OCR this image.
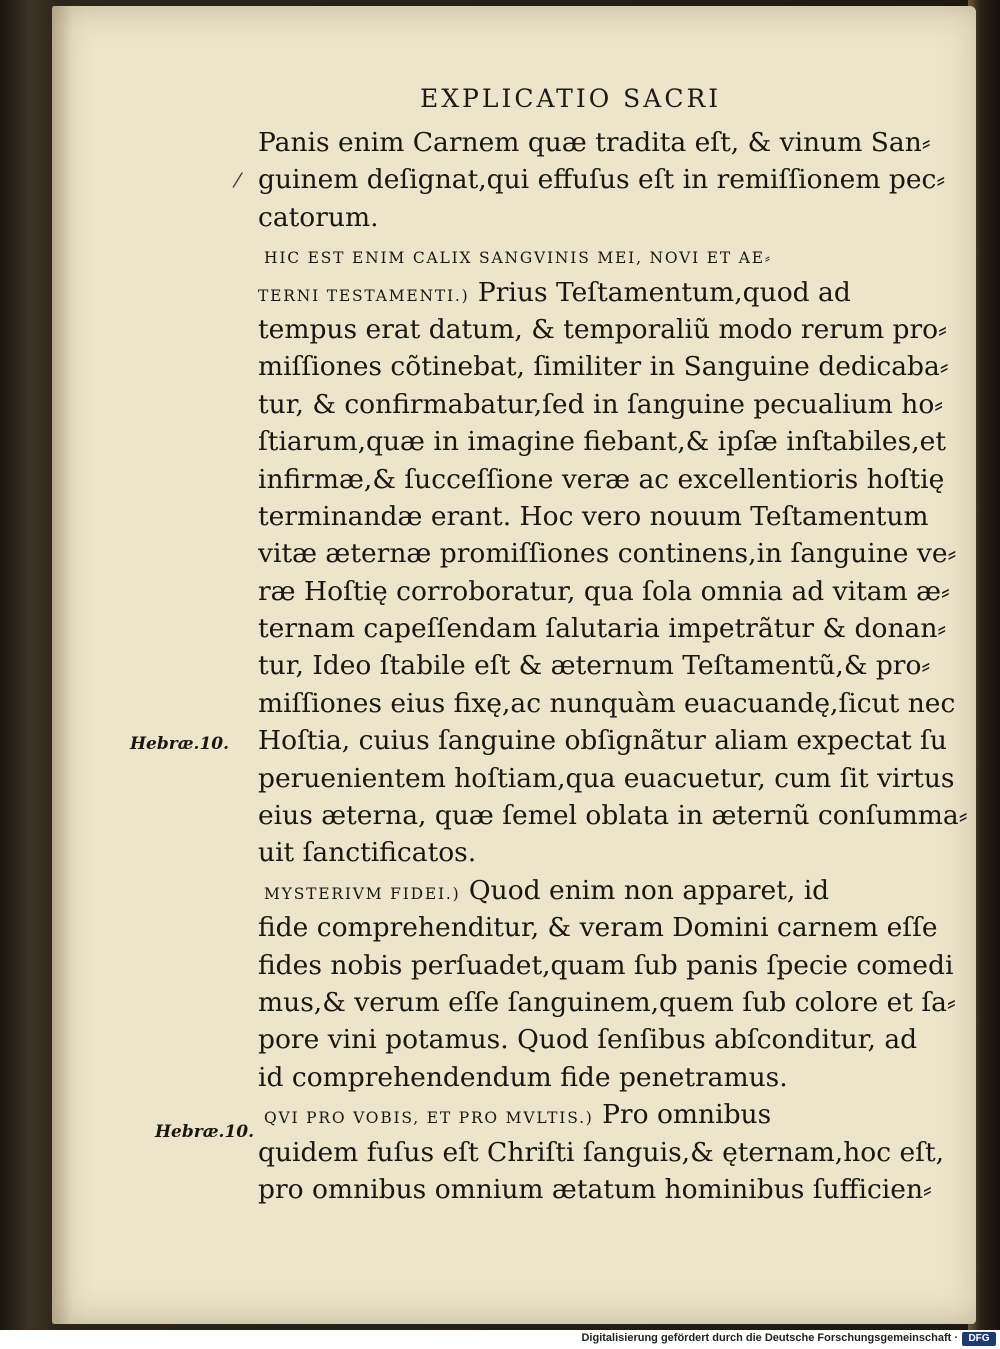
EXPLICATIO SACRI
⁄
Panis enim Carnem quæ tradita eſt, & vinum San⸗
guinem deſignat,qui effuſus eſt in remiſſionem pec⸗
catorum.
HIC EST ENIM CALIX SANGVINIS MEI, NOVI ET AE⸗
TERNI TESTAMENTI.) Prius Teſtamentum,quod ad
tempus erat datum, & temporaliũ modo rerum pro⸗
miſſiones cõtinebat, ſimiliter in Sanguine dedicaba⸗
tur, & confirmabatur,ſed in ſanguine pecualium ho⸗
ſtiarum,quæ in imagine fiebant,& ipſæ inſtabiles,et
infirmæ,& ſucceſſione veræ ac excellentioris hoſtię
terminandæ erant. Hoc vero nouum Teſtamentum
vitæ æternæ promiſſiones continens,in ſanguine ve⸗
ræ Hoſtię corroboratur, qua ſola omnia ad vitam æ⸗
ternam capeſſendam ſalutaria impetrãtur & donan⸗
tur, Ideo ſtabile eſt & æternum Teſtamentũ,& pro⸗
miſſiones eius fixę,ac nunquàm euacuandę,ſicut nec
Hoſtia, cuius ſanguine obſignãtur aliam expectat ſu
peruenientem hoſtiam,qua euacuetur, cum ſit virtus
eius æterna, quæ ſemel oblata in æternũ conſumma⸗
uit ſanctificatos.
MYSTERIVM FIDEI.) Quod enim non apparet, id
fide comprehenditur, & veram Domini carnem eſſe
fides nobis perſuadet,quam ſub panis ſpecie comedi
mus,& verum eſſe ſanguinem,quem ſub colore et ſa⸗
pore vini potamus. Quod ſenſibus abſconditur, ad
id comprehendendum fide penetramus.
QVI PRO VOBIS, ET PRO MVLTIS.) Pro omnibus
quidem fuſus eſt Chriſti ſanguis,& ęternam,hoc eſt,
pro omnibus omnium ætatum hominibus ſufficien⸗
Hebræ.10.
Hebræ.10.
Digitalisierung gefördert durch die Deutsche Forschungsgemeinschaft ·	DFG
